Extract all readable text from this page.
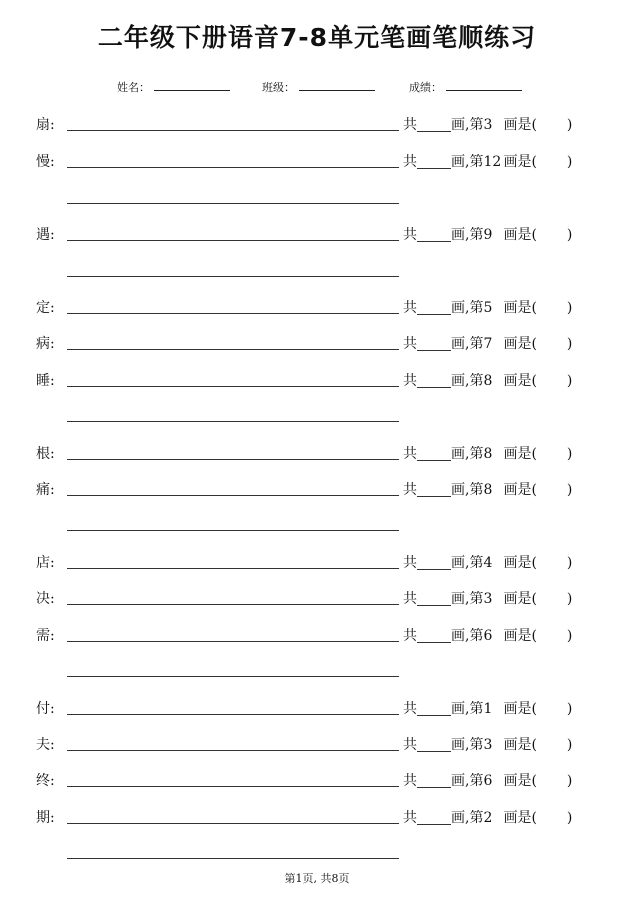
二年级下册语音7-8单元笔画笔顺练习
姓名：	班级：	成绩：
扇:	共 画,第3 画是( )
慢:	共 画,第12 画是( )
遇:	共 画,第9 画是( )
定:	共 画,第5 画是( )
病:	共 画,第7 画是( )
睡:	共 画,第8 画是( )
根:	共 画,第8 画是( )
痛:	共 画,第8 画是( )
店:	共 画,第4 画是( )
决:	共 画,第3 画是( )
需:	共 画,第6 画是( )
付:	共 画,第1 画是( )
夫:	共 画,第3 画是( )
终:	共 画,第6 画是( )
期:	共 画,第2 画是( )
第1页, 共8页
